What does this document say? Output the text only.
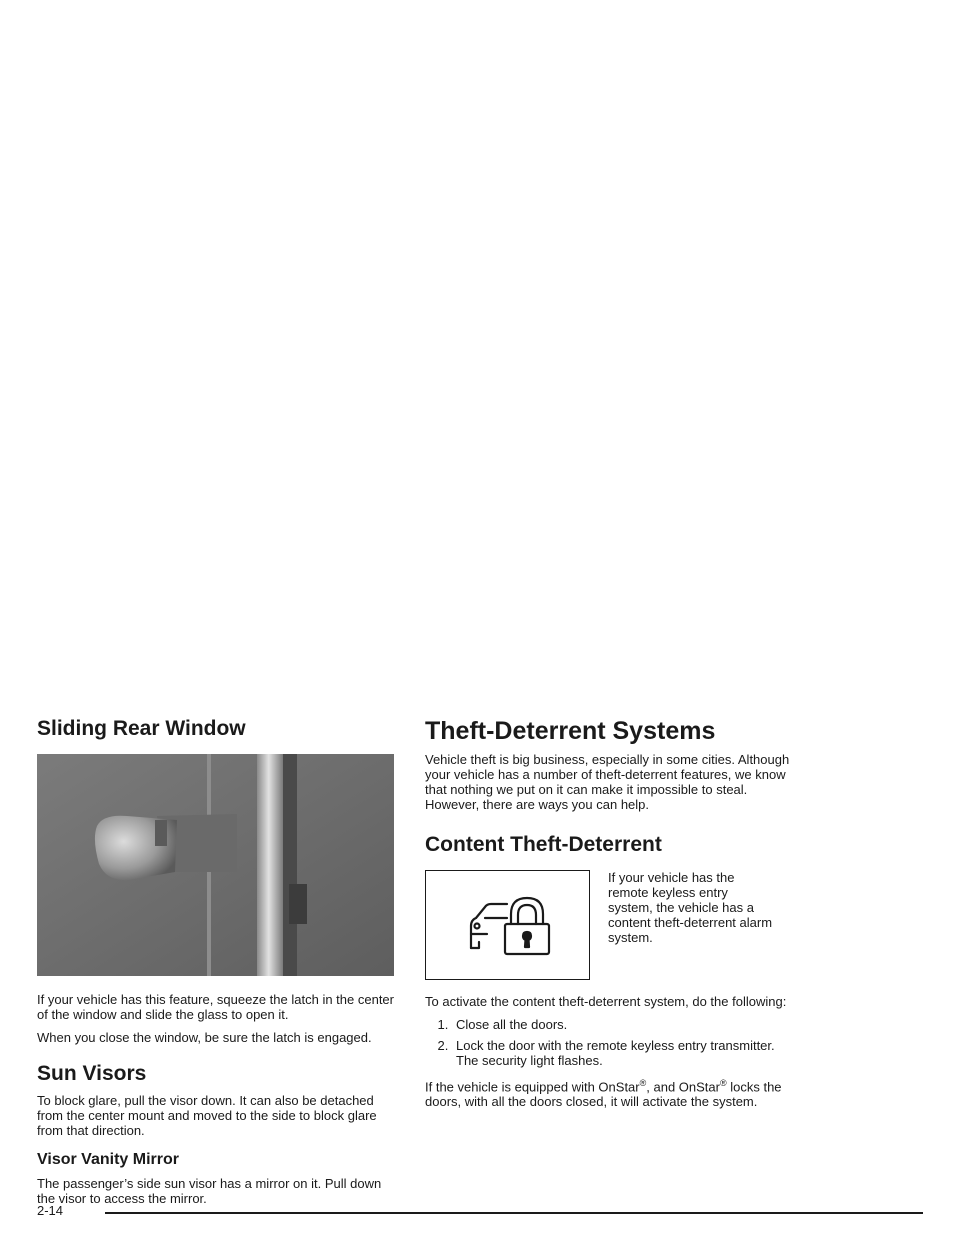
Sliding Rear Window

If your vehicle has this feature, squeeze the latch in the center of the window and slide the glass to open it.

When you close the window, be sure the latch is engaged.

Sun Visors

To block glare, pull the visor down. It can also be detached from the center mount and moved to the side to block glare from that direction.

Visor Vanity Mirror

The passenger’s side sun visor has a mirror on it. Pull down the visor to access the mirror.

Theft-Deterrent Systems

Vehicle theft is big business, especially in some cities. Although your vehicle has a number of theft-deterrent features, we know that nothing we put on it can make it impossible to steal. However, there are ways you can help.

Content Theft-Deterrent

If your vehicle has the remote keyless entry system, the vehicle has a content theft-deterrent alarm system.

To activate the content theft-deterrent system, do the following:

1. Close all the doors.
2. Lock the door with the remote keyless entry transmitter. The security light flashes.

If the vehicle is equipped with OnStar®, and OnStar® locks the doors, with all the doors closed, it will activate the system.

2-14
